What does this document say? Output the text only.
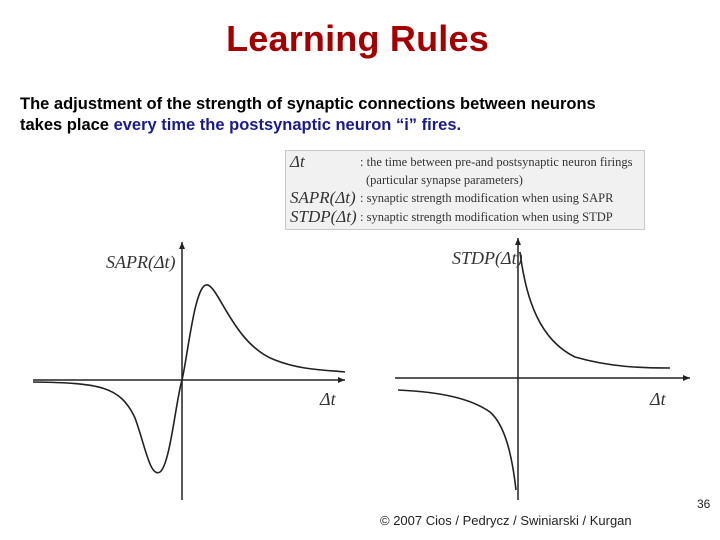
Learning Rules
The adjustment of the strength of synaptic connections between neurons
takes place every time the postsynaptic neuron “i” fires.
Δt	: the time between pre-and postsynaptic neuron firings
(particular synapse parameters)
SAPR(Δt) : synaptic strength modification when using SAPR
STDP(Δt) : synaptic strength modification when using STDP
SAPR(Δt)
Δt
STDP(Δt)
Δt
36
© 2007 Cios / Pedrycz / Swiniarski / Kurgan
